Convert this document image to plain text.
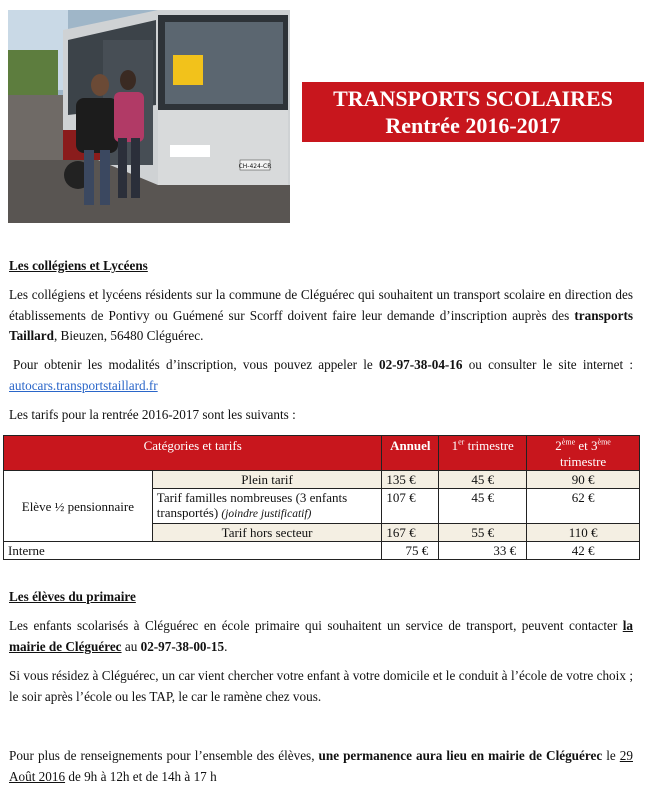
CH-424-CR
TRANSPORTS SCOLAIRES
Rentrée 2016-2017
Les collégiens et Lycéens
Les collégiens et lycéens résidents sur la commune de Cléguérec qui souhaitent un transport scolaire en direction des établissements de Pontivy ou Guémené sur Scorff doivent faire leur demande d’inscription auprès des transports Taillard, Bieuzen, 56480 Cléguérec.
Pour obtenir les modalités d’inscription, vous pouvez appeler le 02-97-38-04-16 ou consulter le site internet : autocars.transportstaillard.fr
Les tarifs pour la rentrée 2016-2017 sont les suivants :
Catégories et tarifs		Annuel	1er trimestre	2ème et 3ème
trimestre
Elève ½ pensionnaire	Plein tarif	135 €	45 €	90 €
	Tarif familles nombreuses (3 enfants transportés) (joindre justificatif)	107 €	45 €	62 €
	Tarif hors secteur	167 €	55 €	110 €
Interne		75 €	33 €	42 €
Les élèves du primaire
Les enfants scolarisés à Cléguérec en école primaire qui souhaitent un service de transport, peuvent contacter la mairie de Cléguérec au 02-97-38-00-15.
Si vous résidez à Cléguérec, un car vient chercher votre enfant à votre domicile et le conduit à l’école de votre choix ; le soir après l’école ou les TAP, le car le ramène chez vous.
Pour plus de renseignements pour l’ensemble des élèves, une permanence aura lieu en mairie de Cléguérec le 29 Août 2016 de 9h à 12h et de 14h à 17 h
